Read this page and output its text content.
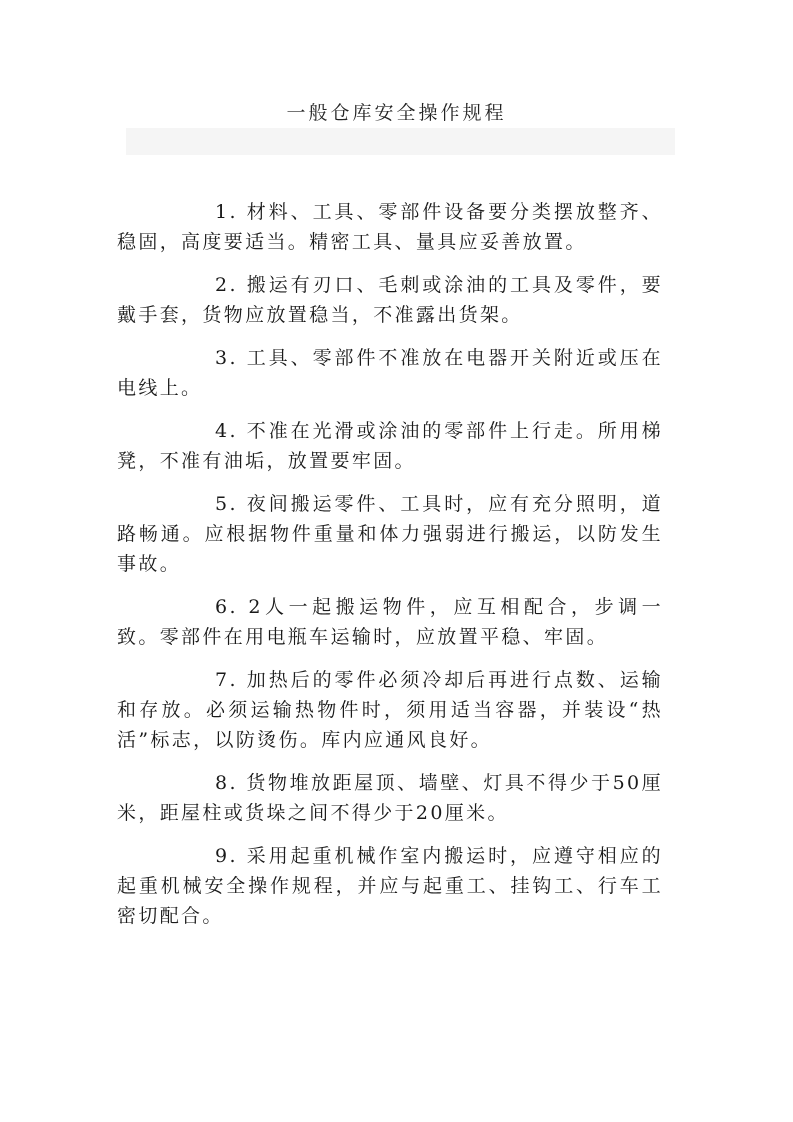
一般仓库安全操作规程

1. 材料、工具、零部件设备要分类摆放整齐、稳固，高度要适当。精密工具、量具应妥善放置。

2. 搬运有刃口、毛刺或涂油的工具及零件，要戴手套，货物应放置稳当，不准露出货架。

3. 工具、零部件不准放在电器开关附近或压在电线上。

4. 不准在光滑或涂油的零部件上行走。所用梯凳，不准有油垢，放置要牢固。

5. 夜间搬运零件、工具时，应有充分照明，道路畅通。应根据物件重量和体力强弱进行搬运，以防发生事故。

6. 2人一起搬运物件，应互相配合，步调一致。零部件在用电瓶车运输时，应放置平稳、牢固。

7. 加热后的零件必须冷却后再进行点数、运输和存放。必须运输热物件时，须用适当容器，并装设“热活”标志，以防烫伤。库内应通风良好。

8. 货物堆放距屋顶、墙壁、灯具不得少于50厘米，距屋柱或货垛之间不得少于20厘米。

9. 采用起重机械作室内搬运时，应遵守相应的起重机械安全操作规程，并应与起重工、挂钩工、行车工密切配合。
